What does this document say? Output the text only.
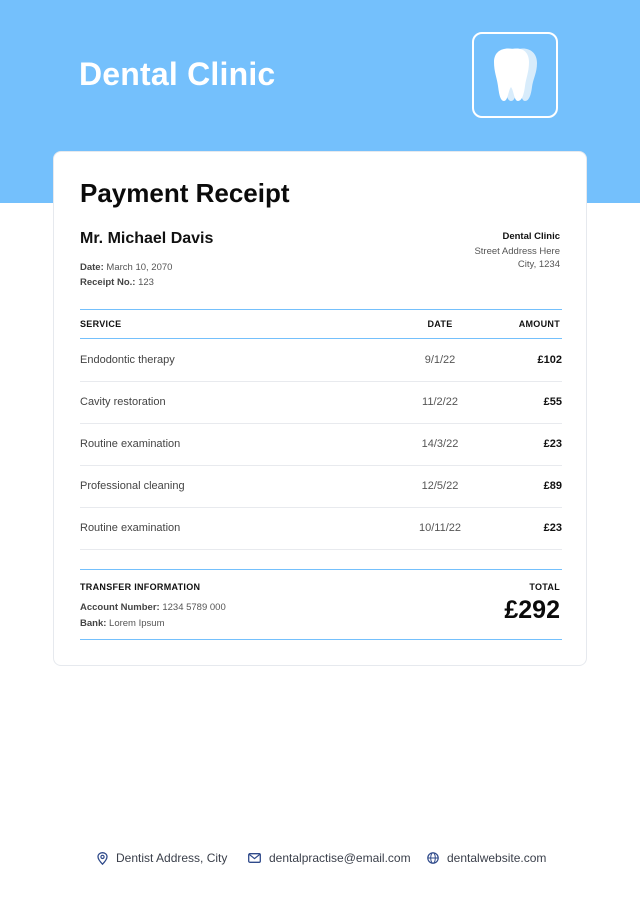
Dental Clinic
Payment Receipt
Mr. Michael Davis
Date: March 10, 2070
Receipt No.: 123
Dental Clinic
Street Address Here
City, 1234
SERVICE	DATE	AMOUNT
Endodontic therapy	9/1/22	£102
Cavity restoration	11/2/22	£55
Routine examination	14/3/22	£23
Professional cleaning	12/5/22	£89
Routine examination	10/11/22	£23
TRANSFER INFORMATION
Account Number: 1234 5789 000
Bank: Lorem Ipsum
TOTAL
£292
Dentist Address, City	dentalpractise@email.com	dentalwebsite.com
